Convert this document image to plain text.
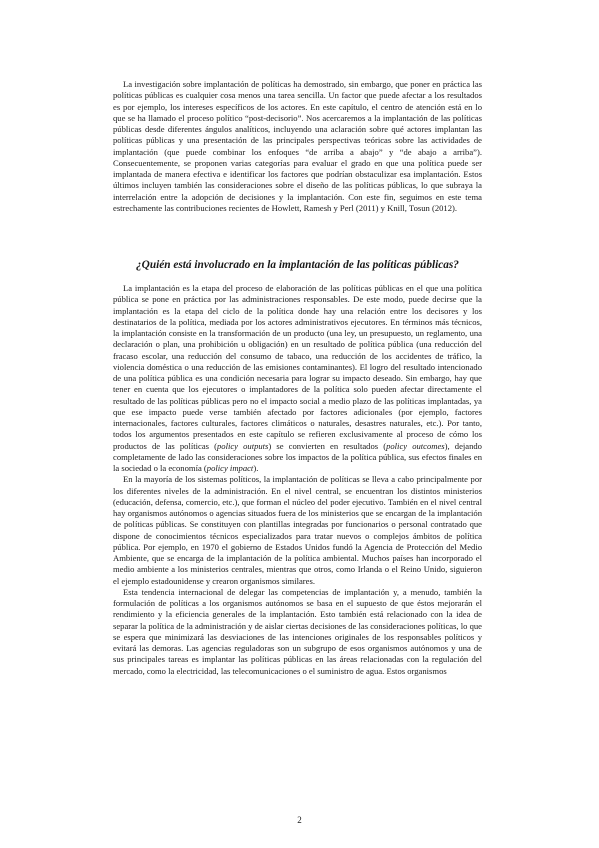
La investigación sobre implantación de políticas ha demostrado, sin embargo, que poner en práctica las políticas públicas es cualquier cosa menos una tarea sencilla. Un factor que puede afectar a los resultados es por ejemplo, los intereses específicos de los actores. En este capítulo, el centro de atención está en lo que se ha llamado el proceso político “post-decisorio”. Nos acercaremos a la implantación de las políticas públicas desde diferentes ángulos analíticos, incluyendo una aclaración sobre qué actores implantan las políticas públicas y una presentación de las principales perspectivas teóricas sobre las actividades de implantación (que puede combinar los enfoques “de arriba a abajo” y “de abajo a arriba”). Consecuentemente, se proponen varias categorías para evaluar el grado en que una política puede ser implantada de manera efectiva e identificar los factores que podrían obstaculizar esa implantación. Estos últimos incluyen también las consideraciones sobre el diseño de las políticas públicas, lo que subraya la interrelación entre la adopción de decisiones y la implantación. Con este fin, seguimos en este tema estrechamente las contribuciones recientes de Howlett, Ramesh y Perl (2011) y Knill, Tosun (2012).

¿Quién está involucrado en la implantación de las políticas públicas?

La implantación es la etapa del proceso de elaboración de las políticas públicas en el que una política pública se pone en práctica por las administraciones responsables. De este modo, puede decirse que la implantación es la etapa del ciclo de la política donde hay una relación entre los decisores y los destinatarios de la política, mediada por los actores administrativos ejecutores. En términos más técnicos, la implantación consiste en la transformación de un producto (una ley, un presupuesto, un reglamento, una declaración o plan, una prohibición u obligación) en un resultado de política pública (una reducción del fracaso escolar, una reducción del consumo de tabaco, una reducción de los accidentes de tráfico, la violencia doméstica o una reducción de las emisiones contaminantes). El logro del resultado intencionado de una política pública es una condición necesaria para lograr su impacto deseado. Sin embargo, hay que tener en cuenta que los ejecutores o implantadores de la política solo pueden afectar directamente el resultado de las políticas públicas pero no el impacto social a medio plazo de las políticas implantadas, ya que ese impacto puede verse también afectado por factores adicionales (por ejemplo, factores internacionales, factores culturales, factores climáticos o naturales, desastres naturales, etc.). Por tanto, todos los argumentos presentados en este capítulo se refieren exclusivamente al proceso de cómo los productos de las políticas (policy outputs) se convierten en resultados (policy outcomes), dejando completamente de lado las consideraciones sobre los impactos de la política pública, sus efectos finales en la sociedad o la economía (policy impact).

En la mayoría de los sistemas políticos, la implantación de políticas se lleva a cabo principalmente por los diferentes niveles de la administración. En el nivel central, se encuentran los distintos ministerios (educación, defensa, comercio, etc.), que forman el núcleo del poder ejecutivo. También en el nivel central hay organismos autónomos o agencias situados fuera de los ministerios que se encargan de la implantación de políticas públicas. Se constituyen con plantillas integradas por funcionarios o personal contratado que dispone de conocimientos técnicos especializados para tratar nuevos o complejos ámbitos de política pública. Por ejemplo, en 1970 el gobierno de Estados Unidos fundó la Agencia de Protección del Medio Ambiente, que se encarga de la implantación de la política ambiental. Muchos países han incorporado el medio ambiente a los ministerios centrales, mientras que otros, como Irlanda o el Reino Unido, siguieron el ejemplo estadounidense y crearon organismos similares.

Esta tendencia internacional de delegar las competencias de implantación y, a menudo, también la formulación de políticas a los organismos autónomos se basa en el supuesto de que éstos mejorarán el rendimiento y la eficiencia generales de la implantación. Esto también está relacionado con la idea de separar la política de la administración y de aislar ciertas decisiones de las consideraciones políticas, lo que se espera que minimizará las desviaciones de las intenciones originales de los responsables políticos y evitará las demoras. Las agencias reguladoras son un subgrupo de esos organismos autónomos y una de sus principales tareas es implantar las políticas públicas en las áreas relacionadas con la regulación del mercado, como la electricidad, las telecomunicaciones o el suministro de agua. Estos organismos

2
